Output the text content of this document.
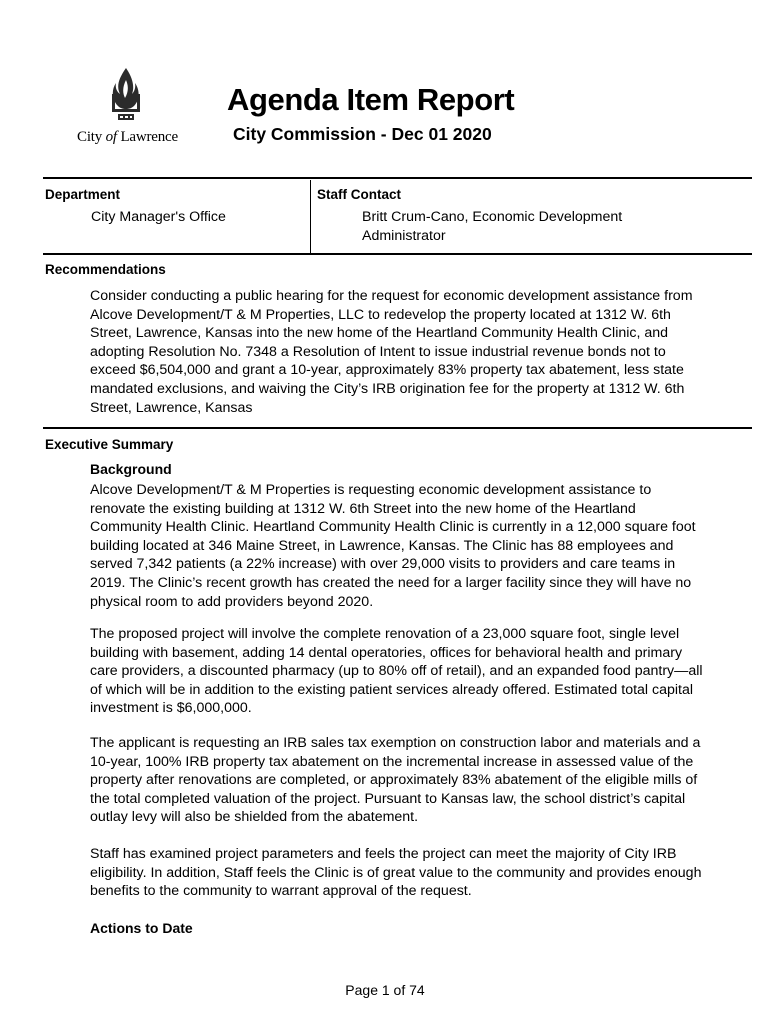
City of Lawrence
Agenda Item Report
City Commission - Dec 01 2020

Department

City Manager's Office

Staff Contact

Britt Crum-Cano, Economic Development

Administrator

Recommendations

Consider conducting a public hearing for the request for economic development assistance from Alcove Development/T & M Properties, LLC to redevelop the property located at 1312 W. 6th Street, Lawrence, Kansas into the new home of the Heartland Community Health Clinic, and adopting Resolution No. 7348 a Resolution of Intent to issue industrial revenue bonds not to exceed $6,504,000 and grant a 10-year, approximately 83% property tax abatement, less state mandated exclusions, and waiving the City’s IRB origination fee for the property at 1312 W. 6th Street, Lawrence, Kansas

Executive Summary

Background

Alcove Development/T & M Properties is requesting economic development assistance to renovate the existing building at 1312 W. 6th Street into the new home of the Heartland Community Health Clinic. Heartland Community Health Clinic is currently in a 12,000 square foot building located at 346 Maine Street, in Lawrence, Kansas. The Clinic has 88 employees and served 7,342 patients (a 22% increase) with over 29,000 visits to providers and care teams in 2019. The Clinic’s recent growth has created the need for a larger facility since they will have no physical room to add providers beyond 2020.

The proposed project will involve the complete renovation of a 23,000 square foot, single level building with basement, adding 14 dental operatories, offices for behavioral health and primary care providers, a discounted pharmacy (up to 80% off of retail), and an expanded food pantry—all of which will be in addition to the existing patient services already offered. Estimated total capital investment is $6,000,000.

The applicant is requesting an IRB sales tax exemption on construction labor and materials and a 10-year, 100% IRB property tax abatement on the incremental increase in assessed value of the property after renovations are completed, or approximately 83% abatement of the eligible mills of the total completed valuation of the project. Pursuant to Kansas law, the school district’s capital outlay levy will also be shielded from the abatement.

Staff has examined project parameters and feels the project can meet the majority of City IRB eligibility. In addition, Staff feels the Clinic is of great value to the community and provides enough benefits to the community to warrant approval of the request.

Actions to Date

Page 1 of 74
